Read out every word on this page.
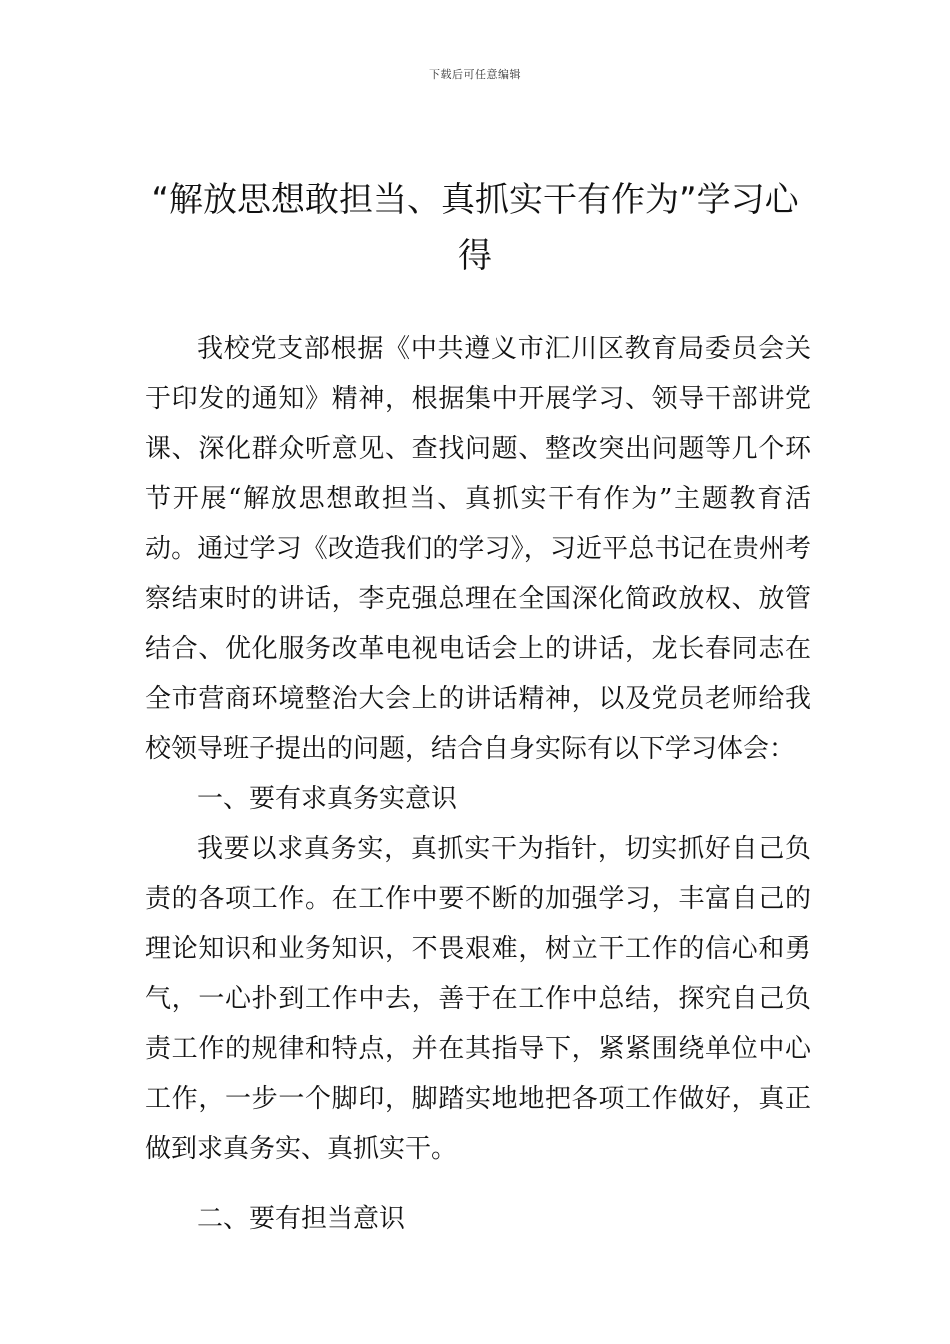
下载后可任意编辑
“解放思想敢担当、真抓实干有作为”学习心得

我校党支部根据《中共遵义市汇川区教育局委员会关于印发的通知》精神，根据集中开展学习、领导干部讲党课、深化群众听意见、查找问题、整改突出问题等几个环节开展“解放思想敢担当、真抓实干有作为”主题教育活动。通过学习《改造我们的学习》，习近平总书记在贵州考察结束时的讲话，李克强总理在全国深化简政放权、放管结合、优化服务改革电视电话会上的讲话，龙长春同志在全市营商环境整治大会上的讲话精神，以及党员老师给我校领导班子提出的问题，结合自身实际有以下学习体会：

一、要有求真务实意识

我要以求真务实，真抓实干为指针，切实抓好自己负责的各项工作。在工作中要不断的加强学习，丰富自己的理论知识和业务知识，不畏艰难，树立干工作的信心和勇气，一心扑到工作中去，善于在工作中总结，探究自己负责工作的规律和特点，并在其指导下，紧紧围绕单位中心工作，一步一个脚印，脚踏实地地把各项工作做好，真正做到求真务实、真抓实干。

二、要有担当意识
